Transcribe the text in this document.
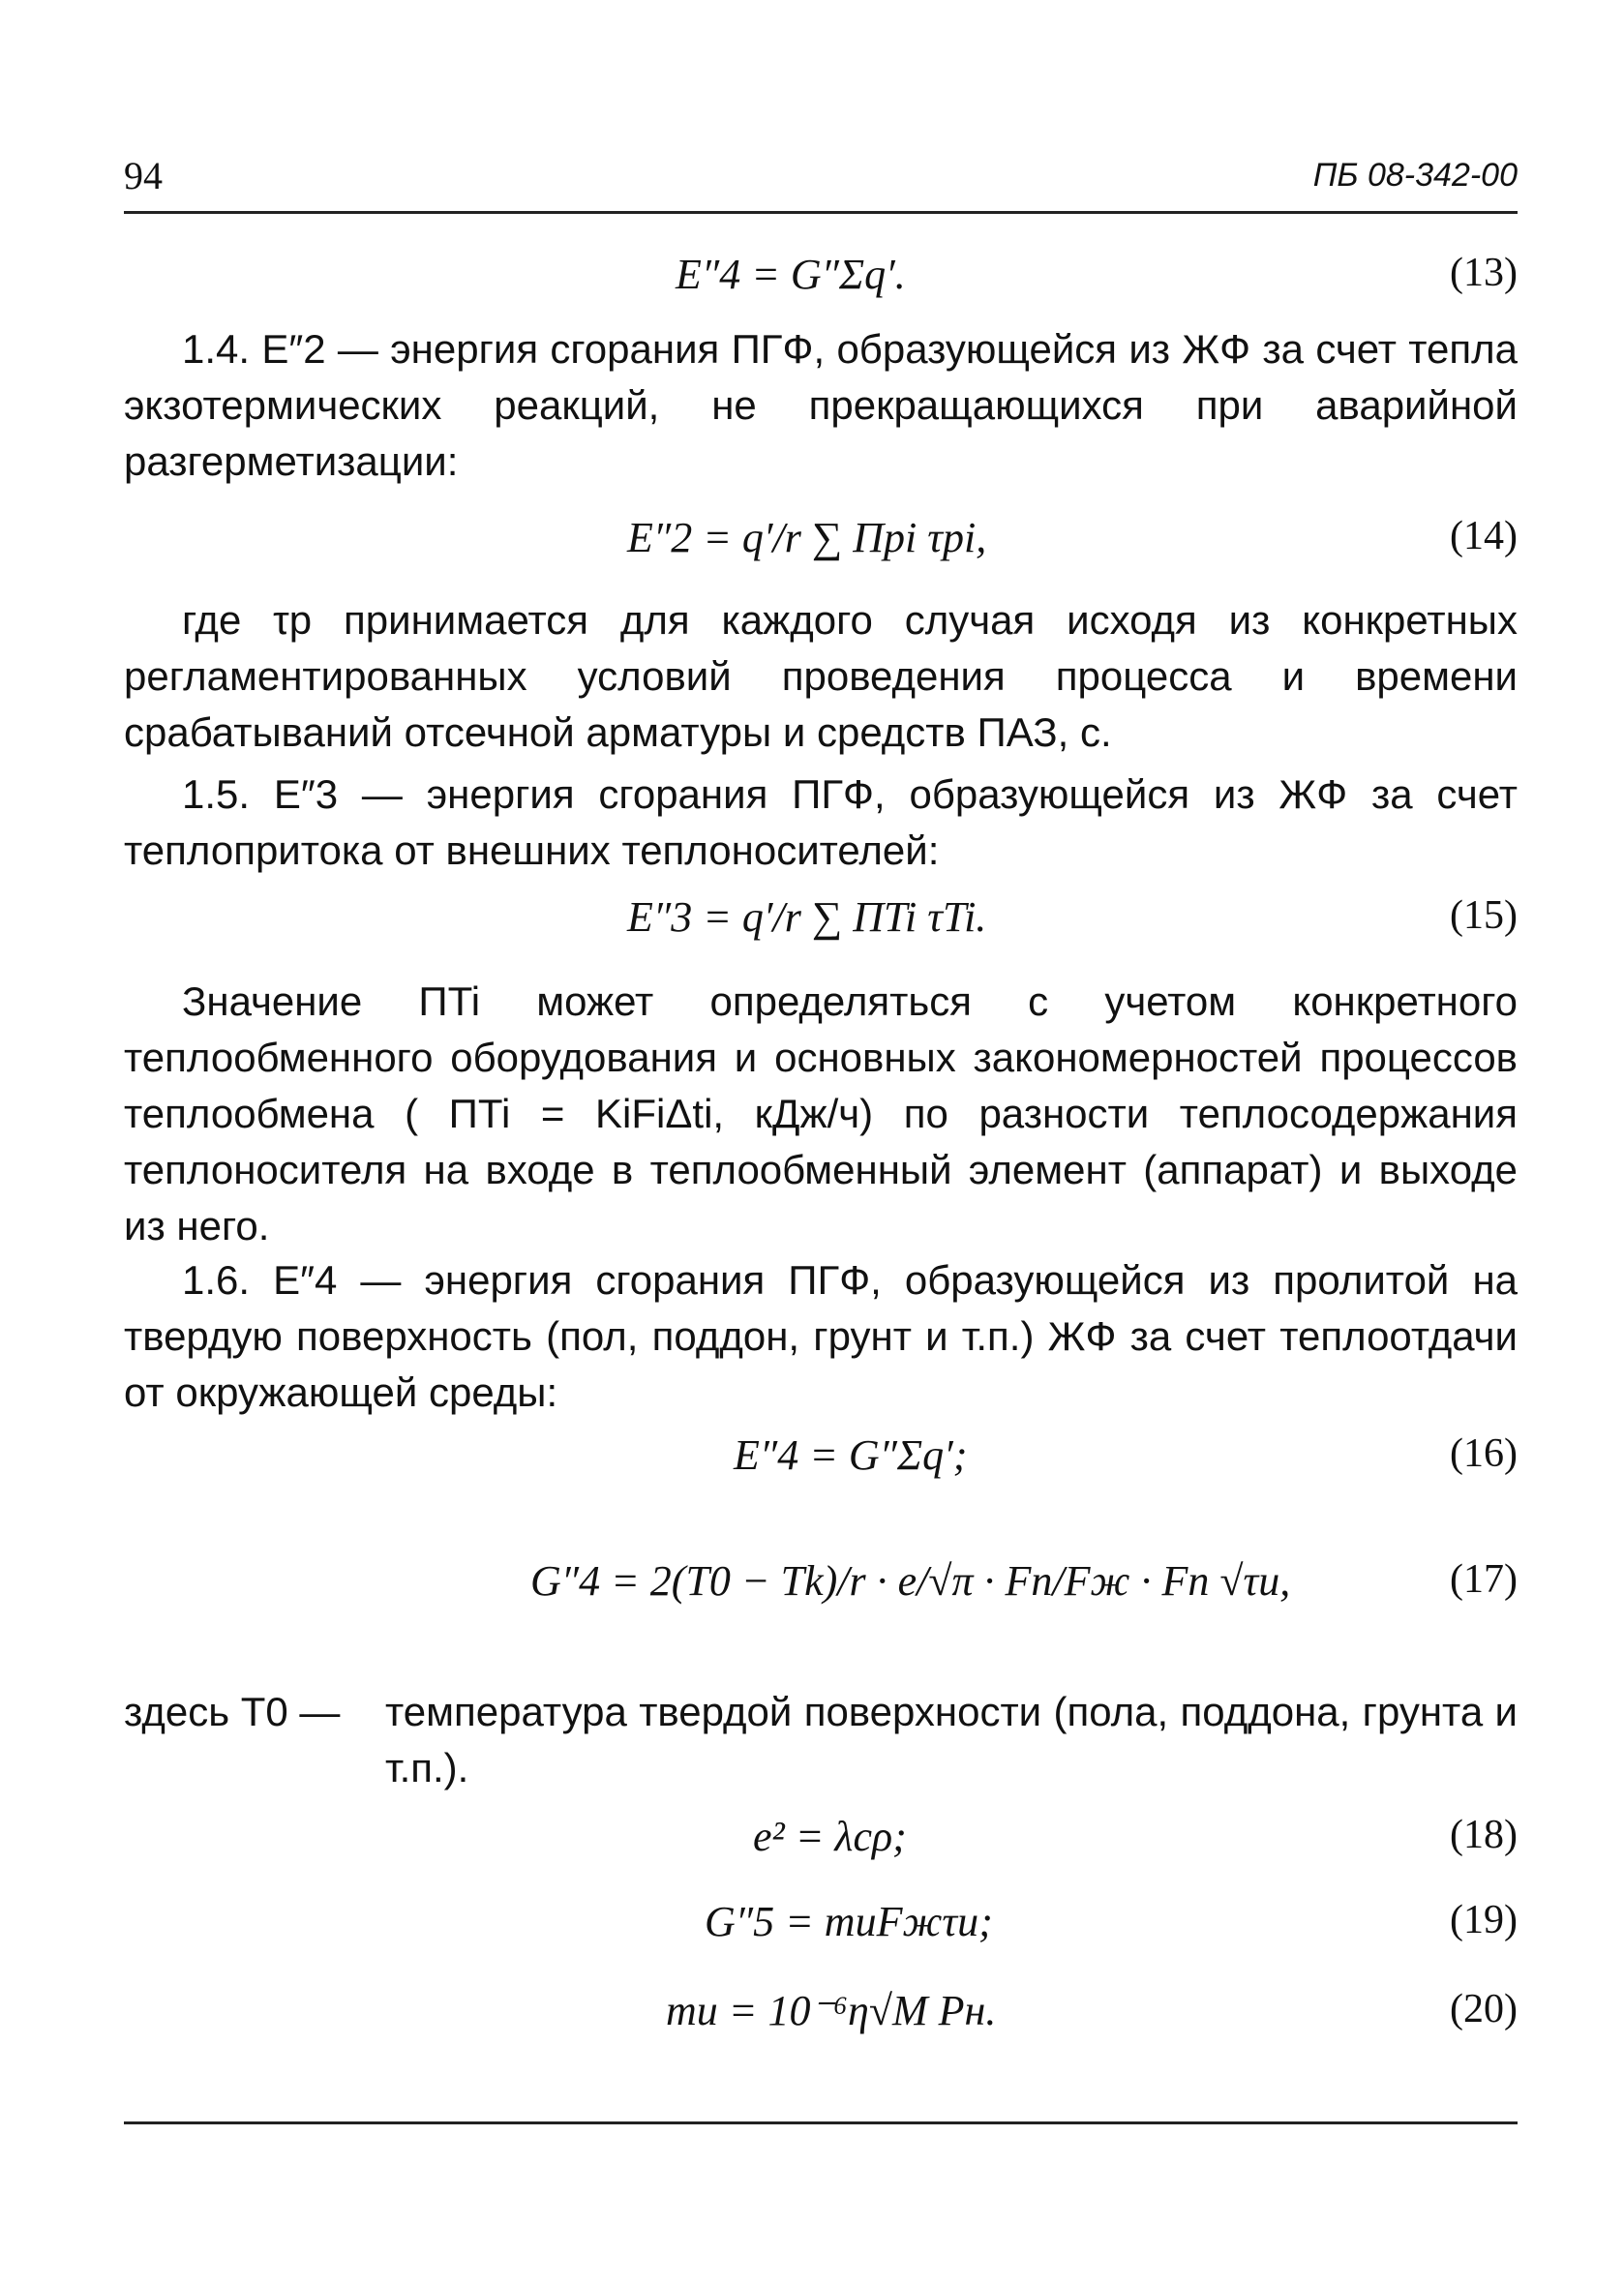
94	ПБ 08-342-00
E″4 = G″Σq′.	(13)
1.4. E″2 — энергия сгорания ПГФ, образующейся из ЖФ за счет тепла экзотермических реакций, не прекращающихся при аварийной разгерметизации:
E″2 = q′/r ∑ Пpi τpi,	(14)
где τp принимается для каждого случая исходя из конкретных регламентированных условий проведения процесса и времени срабатываний отсечной арматуры и средств ПАЗ, с.
1.5. E″3 — энергия сгорания ПГФ, образующейся из ЖФ за счет теплопритока от внешних теплоносителей:
E″3 = q′/r ∑ ПTi τTi.	(15)
Значение ПTi может определяться с учетом конкретного теплообменного оборудования и основных закономерностей процессов теплообмена ( ПTi = KiFiΔti, кДж/ч) по разности теплосодержания теплоносителя на входе в теплообменный элемент (аппарат) и выходе из него.
1.6. E″4 — энергия сгорания ПГФ, образующейся из пролитой на твердую поверхность (пол, поддон, грунт и т.п.) ЖФ за счет теплоотдачи от окружающей среды:
E″4 = G″Σq′;	(16)
G″4 = 2(T0 − Tk)/r · e/√π · Fп/Fж · Fп √τu,	(17)
здесь T0 — температура твердой поверхности (пола, поддона, грунта и т.п.).
e² = λcρ;	(18)
G″5 = muFжτu;	(19)
mu = 10⁻⁶η√M Pн.	(20)
